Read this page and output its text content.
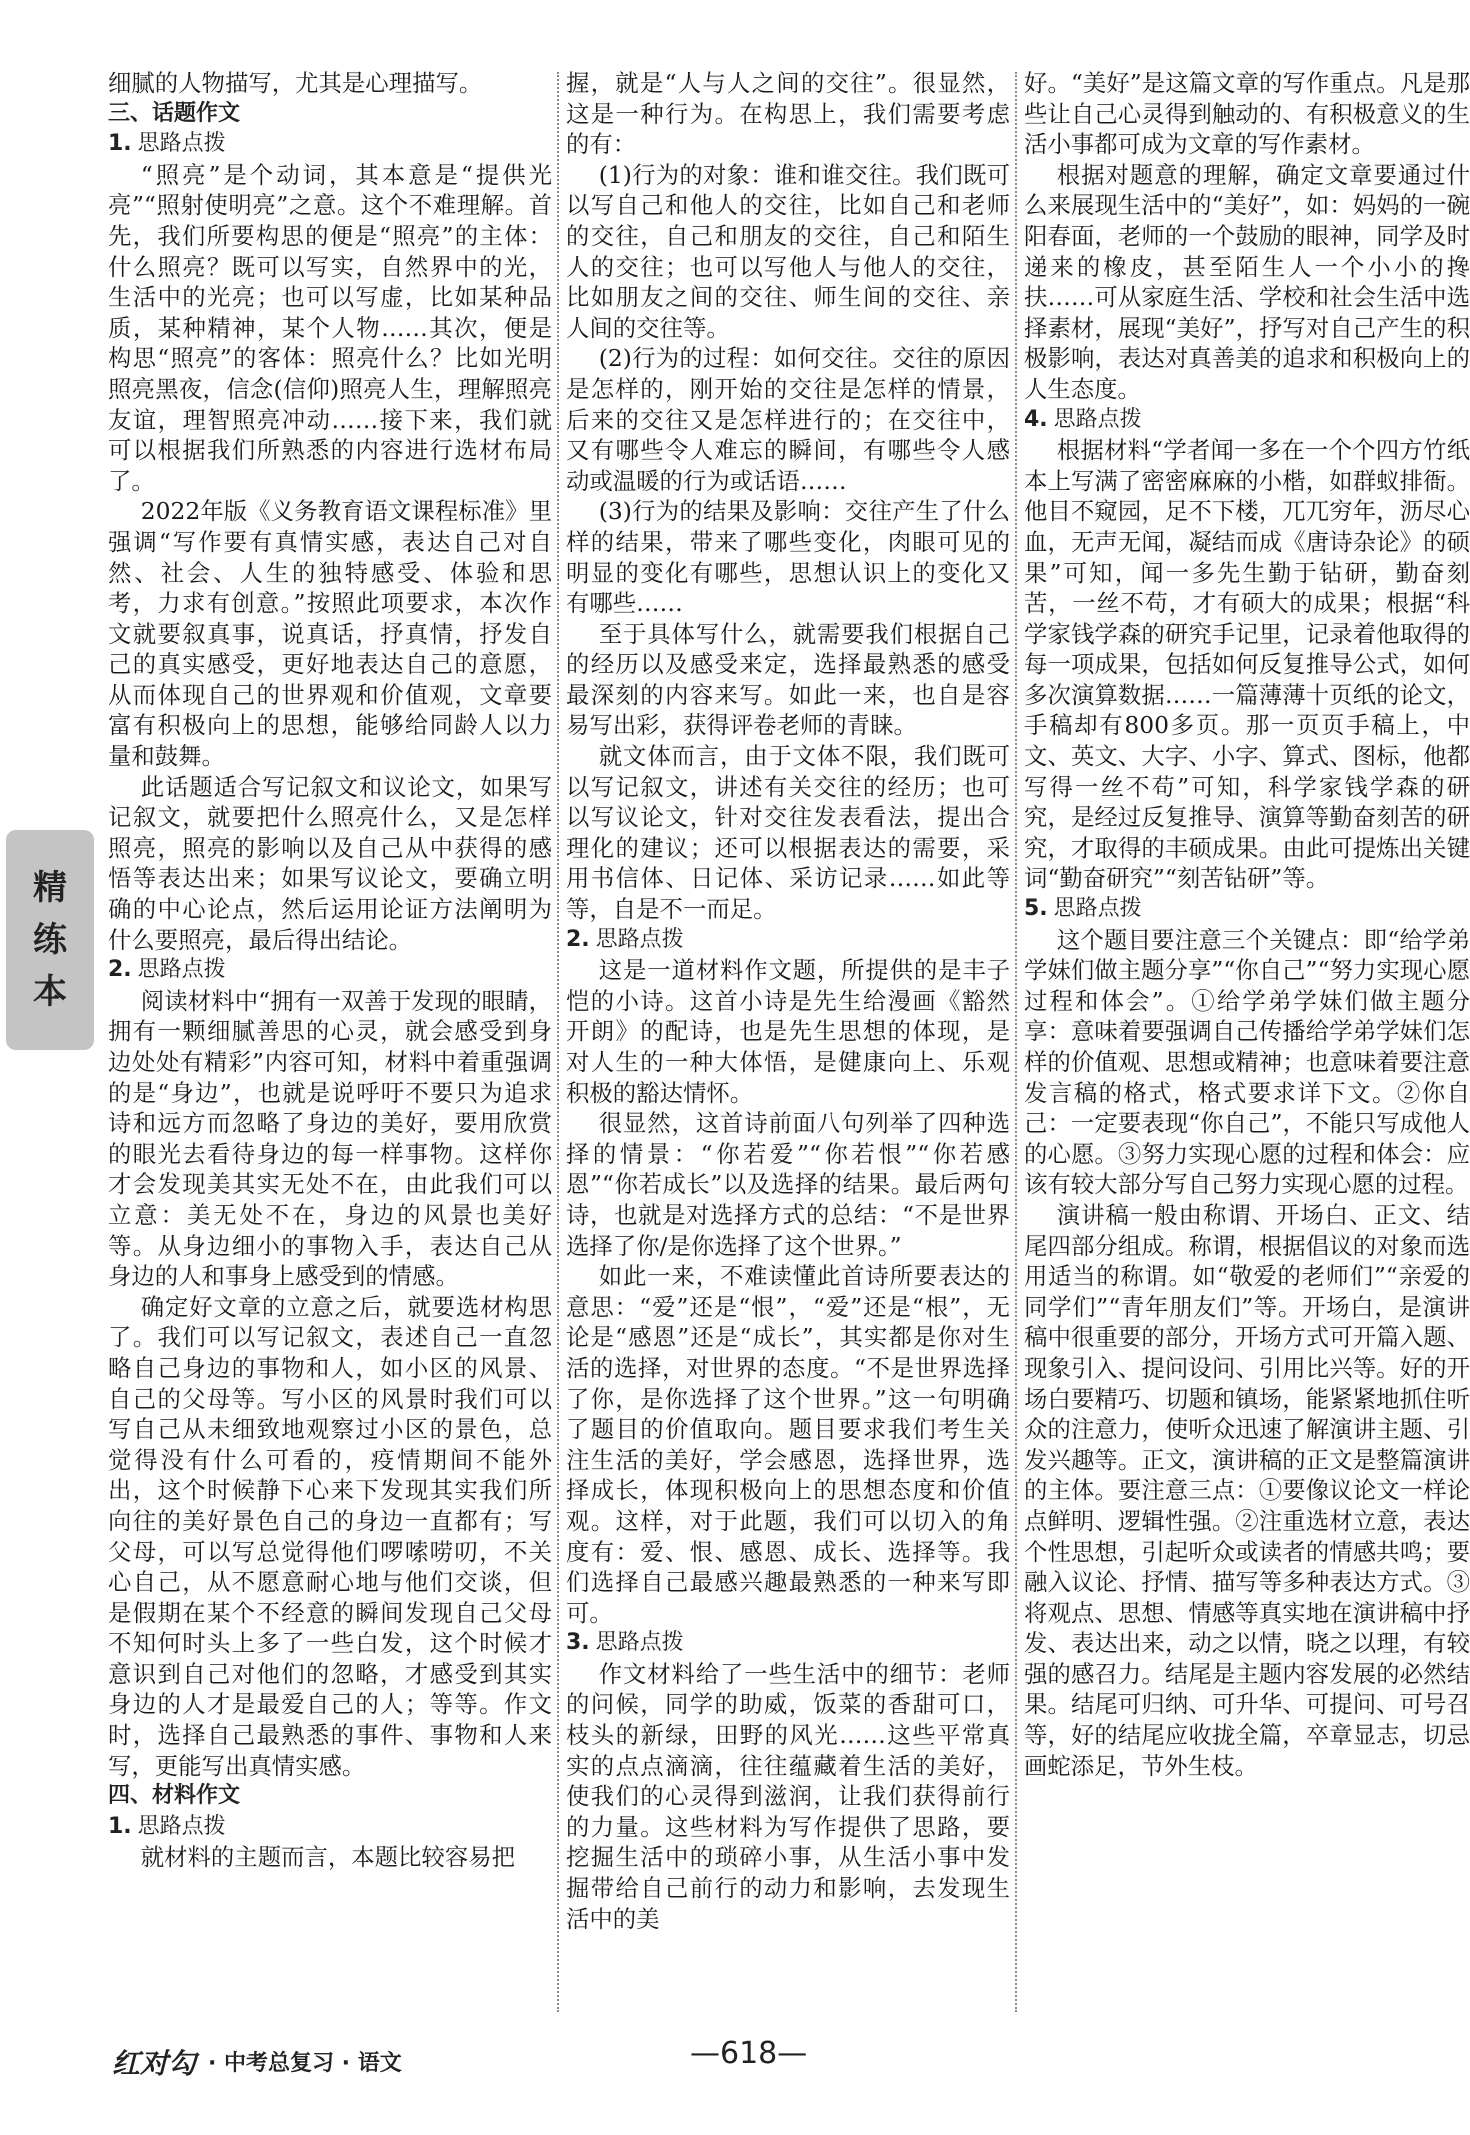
细腻的人物描写，尤其是心理描写。
三、话题作文
1. 思路点拨
“照亮”是个动词，其本意是“提供光亮”“照射使明亮”之意。这个不难理解。首先，我们所要构思的便是“照亮”的主体：什么照亮？既可以写实，自然界中的光，生活中的光亮；也可以写虚，比如某种品质，某种精神，某个人物……其次，便是构思“照亮”的客体：照亮什么？比如光明照亮黑夜，信念(信仰)照亮人生，理解照亮友谊，理智照亮冲动……接下来，我们就可以根据我们所熟悉的内容进行选材布局了。
2022年版《义务教育语文课程标准》里强调“写作要有真情实感，表达自己对自然、社会、人生的独特感受、体验和思考，力求有创意。”按照此项要求，本次作文就要叙真事，说真话，抒真情，抒发自己的真实感受，更好地表达自己的意愿，从而体现自己的世界观和价值观，文章要富有积极向上的思想，能够给同龄人以力量和鼓舞。
此话题适合写记叙文和议论文，如果写记叙文，就要把什么照亮什么，又是怎样照亮，照亮的影响以及自己从中获得的感悟等表达出来；如果写议论文，要确立明确的中心论点，然后运用论证方法阐明为什么要照亮，最后得出结论。
2. 思路点拨
阅读材料中“拥有一双善于发现的眼睛，拥有一颗细腻善思的心灵，就会感受到身边处处有精彩”内容可知，材料中着重强调的是“身边”，也就是说呼吁不要只为追求诗和远方而忽略了身边的美好，要用欣赏的眼光去看待身边的每一样事物。这样你才会发现美其实无处不在，由此我们可以立意：美无处不在，身边的风景也美好等。从身边细小的事物入手，表达自己从身边的人和事身上感受到的情感。
确定好文章的立意之后，就要选材构思了。我们可以写记叙文，表述自己一直忽略自己身边的事物和人，如小区的风景、自己的父母等。写小区的风景时我们可以写自己从未细致地观察过小区的景色，总觉得没有什么可看的，疫情期间不能外出，这个时候静下心来下发现其实我们所向往的美好景色自己的身边一直都有；写父母，可以写总觉得他们啰嗦唠叨，不关心自己，从不愿意耐心地与他们交谈，但是假期在某个不经意的瞬间发现自己父母不知何时头上多了一些白发，这个时候才意识到自己对他们的忽略，才感受到其实身边的人才是最爱自己的人；等等。作文时，选择自己最熟悉的事件、事物和人来写，更能写出真情实感。
四、材料作文
1. 思路点拨
就材料的主题而言，本题比较容易把
握，就是“人与人之间的交往”。很显然，这是一种行为。在构思上，我们需要考虑的有：
(1)行为的对象：谁和谁交往。我们既可以写自己和他人的交往，比如自己和老师的交往，自己和朋友的交往，自己和陌生人的交往；也可以写他人与他人的交往，比如朋友之间的交往、师生间的交往、亲人间的交往等。
(2)行为的过程：如何交往。交往的原因是怎样的，刚开始的交往是怎样的情景，后来的交往又是怎样进行的；在交往中，又有哪些令人难忘的瞬间，有哪些令人感动或温暖的行为或话语……
(3)行为的结果及影响：交往产生了什么样的结果，带来了哪些变化，肉眼可见的明显的变化有哪些，思想认识上的变化又有哪些……
至于具体写什么，就需要我们根据自己的经历以及感受来定，选择最熟悉的感受最深刻的内容来写。如此一来，也自是容易写出彩，获得评卷老师的青睐。
就文体而言，由于文体不限，我们既可以写记叙文，讲述有关交往的经历；也可以写议论文，针对交往发表看法，提出合理化的建议；还可以根据表达的需要，采用书信体、日记体、采访记录……如此等等，自是不一而足。
2. 思路点拨
这是一道材料作文题，所提供的是丰子恺的小诗。这首小诗是先生给漫画《豁然开朗》的配诗，也是先生思想的体现，是对人生的一种大体悟，是健康向上、乐观积极的豁达情怀。
很显然，这首诗前面八句列举了四种选择的情景：“你若爱”“你若恨”“你若感恩”“你若成长”以及选择的结果。最后两句诗，也就是对选择方式的总结：“不是世界选择了你/是你选择了这个世界。”
如此一来，不难读懂此首诗所要表达的意思：“爱”还是“恨”，“爱”还是“根”，无论是“感恩”还是“成长”，其实都是你对生活的选择，对世界的态度。“不是世界选择了你，是你选择了这个世界。”这一句明确了题目的价值取向。题目要求我们考生关注生活的美好，学会感恩，选择世界，选择成长，体现积极向上的思想态度和价值观。这样，对于此题，我们可以切入的角度有：爱、恨、感恩、成长、选择等。我们选择自己最感兴趣最熟悉的一种来写即可。
3. 思路点拨
作文材料给了一些生活中的细节：老师的问候，同学的助威，饭菜的香甜可口，枝头的新绿，田野的风光……这些平常真实的点点滴滴，往往蕴藏着生活的美好，使我们的心灵得到滋润，让我们获得前行的力量。这些材料为写作提供了思路，要挖掘生活中的琐碎小事，从生活小事中发掘带给自己前行的动力和影响，去发现生活中的美
好。“美好”是这篇文章的写作重点。凡是那些让自己心灵得到触动的、有积极意义的生活小事都可成为文章的写作素材。
根据对题意的理解，确定文章要通过什么来展现生活中的“美好”，如：妈妈的一碗阳春面，老师的一个鼓励的眼神，同学及时递来的橡皮，甚至陌生人一个小小的搀扶……可从家庭生活、学校和社会生活中选择素材，展现“美好”，抒写对自己产生的积极影响，表达对真善美的追求和积极向上的人生态度。
4. 思路点拨
根据材料“学者闻一多在一个个四方竹纸本上写满了密密麻麻的小楷，如群蚁排衙。他目不窥园，足不下楼，兀兀穷年，沥尽心血，无声无闻，凝结而成《唐诗杂论》的硕果”可知，闻一多先生勤于钻研，勤奋刻苦，一丝不苟，才有硕大的成果；根据“科学家钱学森的研究手记里，记录着他取得的每一项成果，包括如何反复推导公式，如何多次演算数据……一篇薄薄十页纸的论文，手稿却有800多页。那一页页手稿上，中文、英文、大字、小字、算式、图标，他都写得一丝不苟”可知，科学家钱学森的研究，是经过反复推导、演算等勤奋刻苦的研究，才取得的丰硕成果。由此可提炼出关键词“勤奋研究”“刻苦钻研”等。
5. 思路点拨
这个题目要注意三个关键点：即“给学弟学妹们做主题分享”“你自己”“努力实现心愿过程和体会”。①给学弟学妹们做主题分享：意味着要强调自己传播给学弟学妹们怎样的价值观、思想或精神；也意味着要注意发言稿的格式，格式要求详下文。②你自己：一定要表现“你自己”，不能只写成他人的心愿。③努力实现心愿的过程和体会：应该有较大部分写自己努力实现心愿的过程。
演讲稿一般由称谓、开场白、正文、结尾四部分组成。称谓，根据倡议的对象而选用适当的称谓。如“敬爱的老师们”“亲爱的同学们”“青年朋友们”等。开场白，是演讲稿中很重要的部分，开场方式可开篇入题、现象引入、提问设问、引用比兴等。好的开场白要精巧、切题和镇场，能紧紧地抓住听众的注意力，使听众迅速了解演讲主题、引发兴趣等。正文，演讲稿的正文是整篇演讲的主体。要注意三点：①要像议论文一样论点鲜明、逻辑性强。②注重选材立意，表达个性思想，引起听众或读者的情感共鸣；要融入议论、抒情、描写等多种表达方式。③将观点、思想、情感等真实地在演讲稿中抒发、表达出来，动之以情，晓之以理，有较强的感召力。结尾是主题内容发展的必然结果。结尾可归纳、可升华、可提问、可号召等，好的结尾应收拢全篇，卒章显志，切忌画蛇添足，节外生枝。
精
练
本
红对勾 · 中考总复习 · 语文	—618—
